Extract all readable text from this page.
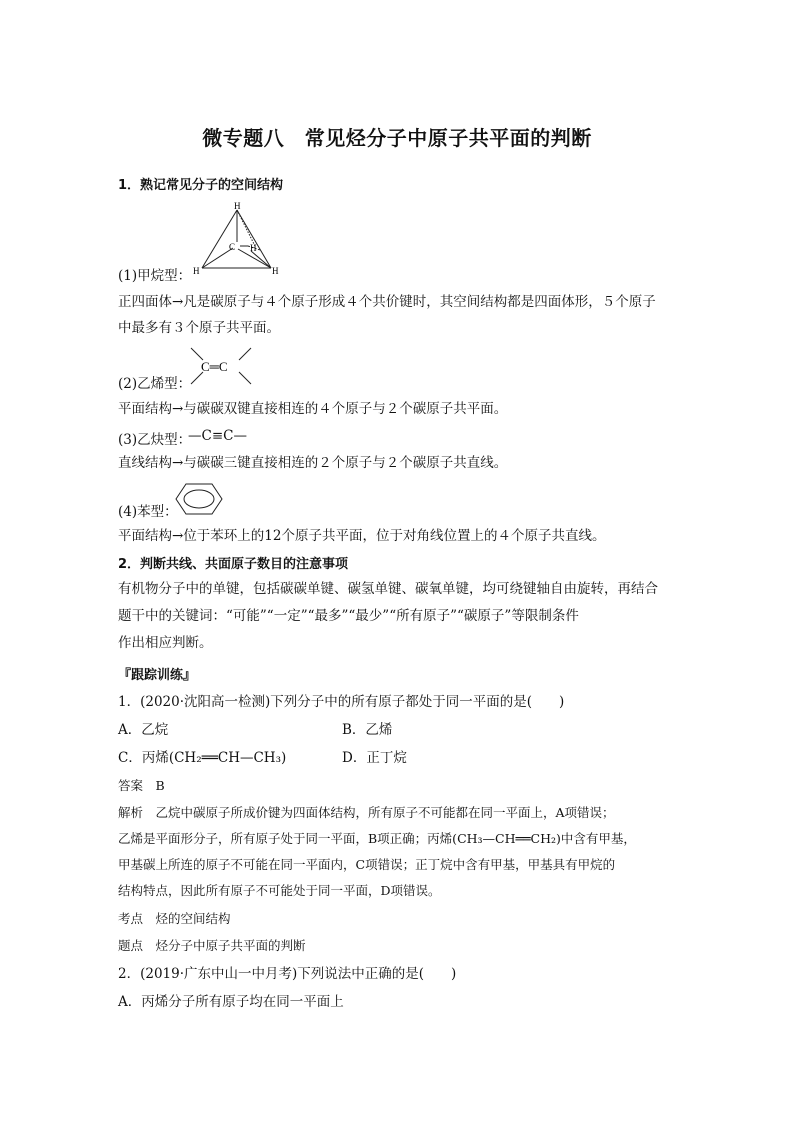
微专题八　常见烃分子中原子共平面的判断
1．熟记常见分子的空间结构
H
C H
H	H
(1)甲烷型：
正四面体→凡是碳原子与４个原子形成４个共价键时，其空间结构都是四面体形，５个原子
中最多有３个原子共平面。
C═C
(2)乙烯型：
平面结构→与碳碳双键直接相连的４个原子与２个碳原子共平面。
(3)乙炔型：
—C≡C—
直线结构→与碳碳三键直接相连的２个原子与２个碳原子共直线。
(4)苯型：
平面结构→位于苯环上的12个原子共平面，位于对角线位置上的４个原子共直线。
2．判断共线、共面原子数目的注意事项
有机物分子中的单键，包括碳碳单键、碳氢单键、碳氧单键，均可绕键轴自由旋转，再结合
题干中的关键词：“可能”“一定”“最多”“最少”“所有原子”“碳原子”等限制条件
作出相应判断。
『跟踪训练』
1．(2020·沈阳高一检测)下列分子中的所有原子都处于同一平面的是(　　)
A．乙烷	B．乙烯
C．丙烯(CH₂══CH—CH₃)	D．正丁烷
答案　B
解析　乙烷中碳原子所成价键为四面体结构，所有原子不可能都在同一平面上，A项错误；
乙烯是平面形分子，所有原子处于同一平面，B项正确；丙烯(CH₃—CH══CH₂)中含有甲基，
甲基碳上所连的原子不可能在同一平面内，C项错误；正丁烷中含有甲基，甲基具有甲烷的
结构特点，因此所有原子不可能处于同一平面，D项错误。
考点　烃的空间结构
题点　烃分子中原子共平面的判断
2．(2019·广东中山一中月考)下列说法中正确的是(　　)
A．丙烯分子所有原子均在同一平面上
